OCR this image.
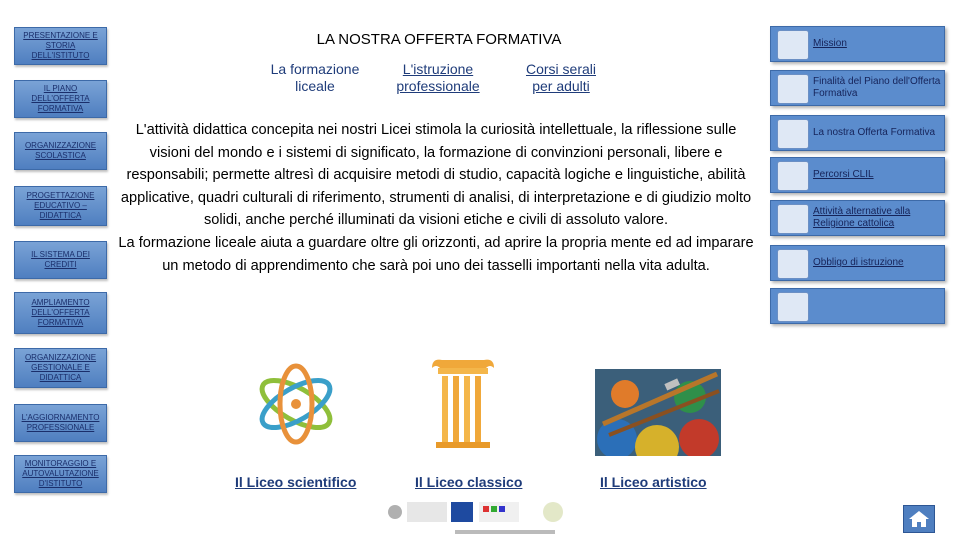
PRESENTAZIONE E STORIA DELL'ISTITUTO
IL PIANO DELL'OFFERTA FORMATIVA
ORGANIZZAZIONE SCOLASTICA
PROGETTAZIONE EDUCATIVO – DIDATTICA
IL SISTEMA DEI CREDITI
AMPLIAMENTO DELL'OFFERTA FORMATIVA
ORGANIZZAZIONE GESTIONALE E DIDATTICA
L'AGGIORNAMENTO PROFESSIONALE
MONITORAGGIO E AUTOVALUTAZIONE D'ISTITUTO
LA NOSTRA OFFERTA FORMATIVA
La formazione liceale
L'istruzione professionale
Corsi serali per adulti
L'attività didattica concepita nei nostri Licei stimola la curiosità intellettuale, la riflessione sulle visioni del mondo e i sistemi di significato, la formazione di convinzioni personali, libere e responsabili; permette altresì di acquisire metodi di studio, capacità logiche e linguistiche, abilità applicative, quadri culturali di riferimento, strumenti di analisi, di interpretazione e di giudizio molto solidi, anche perché illuminati da visioni etiche e civili di assoluto valore.
La formazione liceale aiuta a guardare oltre gli orizzonti, ad aprire la propria mente ed ad imparare un metodo di apprendimento che sarà poi uno dei tasselli importanti nella vita adulta.
Il Liceo scientifico	Il Liceo classico	Il Liceo artistico
Mission
Finalità del Piano dell'Offerta Formativa
La nostra Offerta Formativa
Percorsi CLIL
Attività alternative alla Religione cattolica
Obbligo di istruzione
